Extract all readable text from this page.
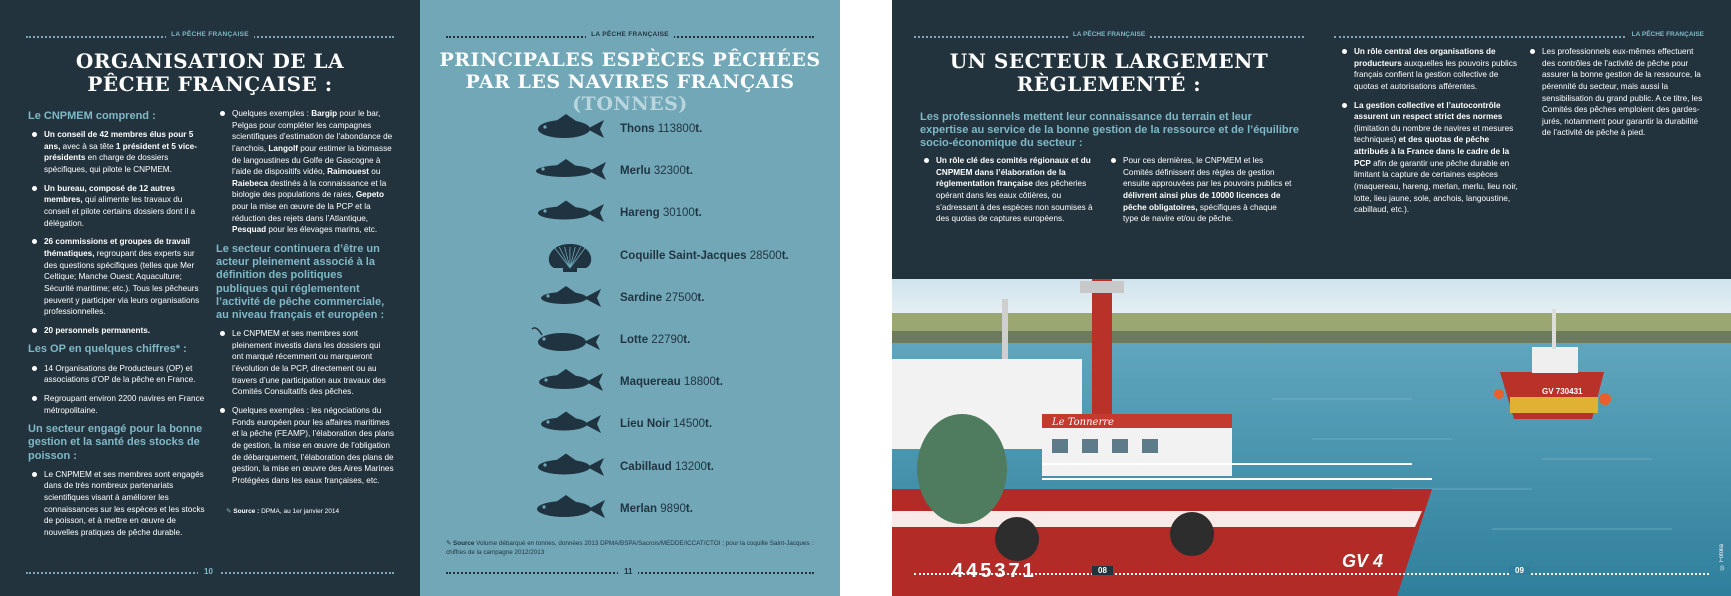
LA PÊCHE FRANÇAISE
ORGANISATION DE LA
PÊCHE FRANÇAISE :
Le CNPMEM comprend :
Un conseil de 42 membres élus pour 5 ans, avec à sa tête 1 président et 5 vice-présidents en charge de dossiers spécifiques, qui pilote le CNPMEM.
Un bureau, composé de 12 autres membres, qui alimente les travaux du conseil et pilote certains dossiers dont il a délégation.
26 commissions et groupes de travail thématiques, regroupant des experts sur des questions spécifiques (telles que Mer Celtique; Manche Ouest; Aquaculture; Sécurité maritime; etc.). Tous les pêcheurs peuvent y participer via leurs organisations professionnelles.
20 personnels permanents.
Les OP en quelques chiffres* :
14 Organisations de Producteurs (OP) et associations d’OP de la pêche en France.
Regroupant environ 2200 navires en France métropolitaine.
Un secteur engagé pour la bonne gestion et la santé des stocks de poisson :
Le CNPMEM et ses membres sont engagés dans de très nombreux partenariats scientifiques visant à améliorer les connaissances sur les espèces et les stocks de poisson, et à mettre en œuvre de nouvelles pratiques de pêche durable.
Quelques exemples : Bargip pour le bar, Pelgas pour compléter les campagnes scientifiques d’estimation de l’abondance de l’anchois, Langolf pour estimer la biomasse de langoustines du Golfe de Gascogne à l’aide de dispositifs vidéo, Raimouest ou Raiebeca destinés à la connaissance et la biologie des populations de raies, Gepeto pour la mise en œuvre de la PCP et la réduction des rejets dans l’Atlantique, Pesquad pour les élevages marins, etc.
Le secteur continuera d’être un acteur pleinement associé à la définition des politiques publiques qui réglementent l’activité de pêche commerciale, au niveau français et européen :
Le CNPMEM et ses membres sont pleinement investis dans les dossiers qui ont marqué récemment ou marqueront l’évolution de la PCP, directement ou au travers d’une participation aux travaux des Comités Consultatifs des pêches.
Quelques exemples : les négociations du Fonds européen pour les affaires maritimes et la pêche (FEAMP), l’élaboration des plans de gestion, la mise en œuvre de l’obligation de débarquement, l’élaboration des plans de gestion, la mise en œuvre des Aires Marines Protégées dans les eaux françaises, etc.
✎ Source : DPMA, au 1er janvier 2014
10
LA PÊCHE FRANÇAISE
PRINCIPALES ESPÈCES PÊCHÉES
PAR LES NAVIRES FRANÇAIS (TONNES)
✎ Source Volume débarqué en tonnes, données 2013 DPMA/BSPA/Sacrois/MEDDE/ICCAT/CTOI ; pour la coquille Saint-Jacques : chiffres de la campagne 2012/2013
11
Thons 113800t.
Merlu 32300t.
Hareng 30100t.
Coquille Saint-Jacques 28500t.
Sardine 27500t.
Lotte 22790t.
Maquereau 18800t.
Lieu Noir 14500t.
Cabillaud 13200t.
Merlan 9890t.
LA PÊCHE FRANÇAISE	LA PÊCHE FRANÇAISE
UN SECTEUR LARGEMENT
RÈGLEMENTÉ :
Les professionnels mettent leur connaissance du terrain et leur expertise au service de la bonne gestion de la ressource et de l’équilibre socio-économique du secteur :
Un rôle clé des comités régionaux et du CNPMEM dans l’élaboration de la règlementation française des pêcheries opérant dans les eaux côtières, ou s’adressant à des espèces non soumises à des quotas de captures européens.
Pour ces dernières, le CNPMEM et les Comités définissent des règles de gestion ensuite approuvées par les pouvoirs publics et délivrent ainsi plus de 10000 licences de pêche obligatoires, spécifiques à chaque type de navire et/ou de pêche.
Un rôle central des organisations de producteurs auxquelles les pouvoirs publics français confient la gestion collective de quotas et autorisations afférentes.
La gestion collective et l’autocontrôle assurent un respect strict des normes (limitation du nombre de navires et mesures techniques) et des quotas de pêche attribués à la France dans le cadre de la PCP afin de garantir une pêche durable en limitant la capture de certaines espèces (maquereau, hareng, merlan, merlu, lieu noir, lotte, lieu jaune, sole, anchois, langoustine, cabillaud, etc.).
Les professionnels eux-mêmes effectuent des contrôles de l’activité de pêche pour assurer la bonne gestion de la ressource, la pérennité du secteur, mais aussi la sensibilisation du grand public. A ce titre, les Comités des pêches emploient des gardes-jurés, notamment pour garantir la durabilité de l’activité de pêche à pied.
GV 730431
Le Tonnerre
445371	GV 4	© Fotolia
08	09
